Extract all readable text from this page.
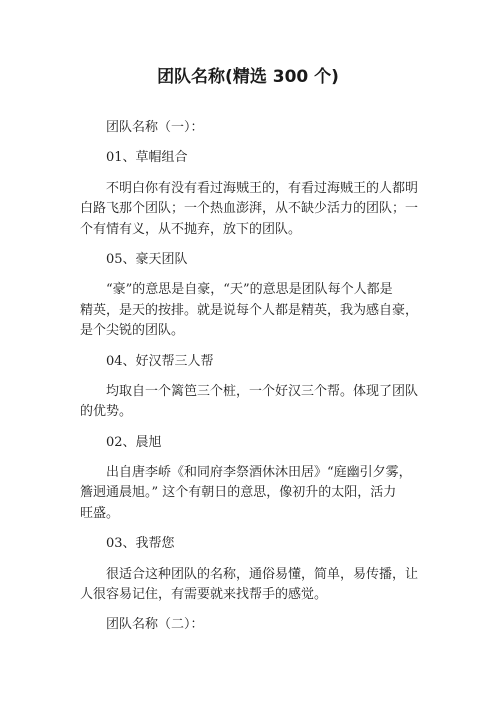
团队名称(精选 300 个)
团队名称（一）：
01、草帽组合
不明白你有没有看过海贼王的，有看过海贼王的人都明
白路飞那个团队；一个热血澎湃，从不缺少活力的团队；一
个有情有义，从不抛弃，放下的团队。
05、豪天团队
“豪”的意思是自豪，“天”的意思是团队每个人都是
精英，是天的按排。就是说每个人都是精英，我为感自豪，
是个尖锐的团队。
04、好汉帮三人帮
均取自一个篱笆三个桩，一个好汉三个帮。体现了团队
的优势。
02、晨旭
出自唐李峤《和同府李祭酒休沐田居》“庭幽引夕雾，
簷迥通晨旭。” 这个有朝日的意思，像初升的太阳，活力
旺盛。
03、我帮您
很适合这种团队的名称，通俗易懂，简单，易传播，让
人很容易记住，有需要就来找帮手的感觉。
团队名称（二）：
